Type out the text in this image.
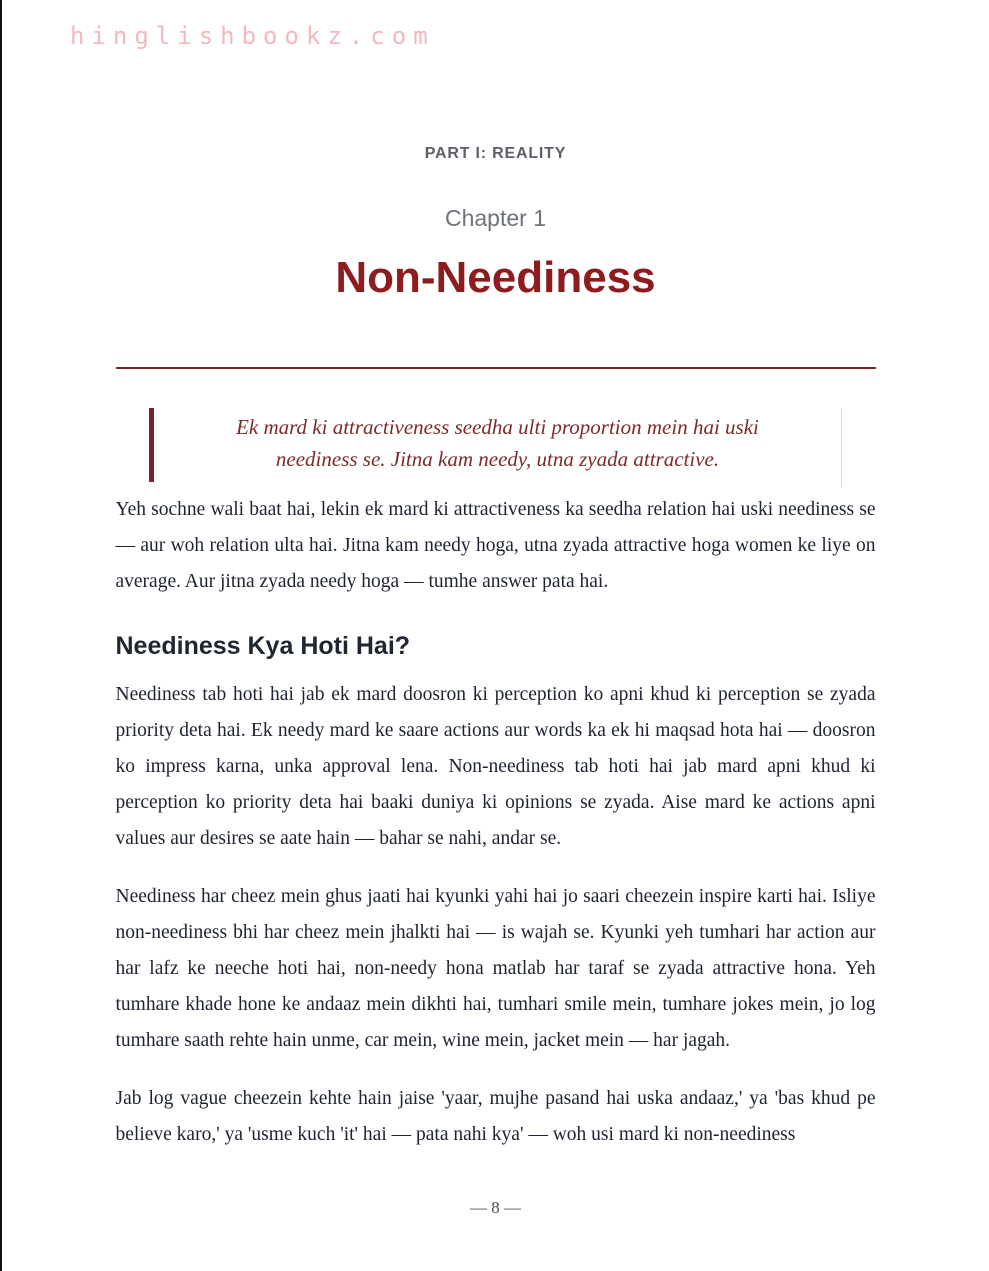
hinglishbookz.com
PART I: REALITY
Chapter 1
Non-Neediness
Ek mard ki attractiveness seedha ulti proportion mein hai uski neediness se. Jitna kam needy, utna zyada attractive.

Yeh sochne wali baat hai, lekin ek mard ki attractiveness ka seedha relation hai uski neediness se — aur woh relation ulta hai. Jitna kam needy hoga, utna zyada attractive hoga women ke liye on average. Aur jitna zyada needy hoga — tumhe answer pata hai.

Neediness Kya Hoti Hai?

Neediness tab hoti hai jab ek mard doosron ki perception ko apni khud ki perception se zyada priority deta hai. Ek needy mard ke saare actions aur words ka ek hi maqsad hota hai — doosron ko impress karna, unka approval lena. Non-neediness tab hoti hai jab mard apni khud ki perception ko priority deta hai baaki duniya ki opinions se zyada. Aise mard ke actions apni values aur desires se aate hain — bahar se nahi, andar se.

Neediness har cheez mein ghus jaati hai kyunki yahi hai jo saari cheezein inspire karti hai. Isliye non-neediness bhi har cheez mein jhalkti hai — is wajah se. Kyunki yeh tumhari har action aur har lafz ke neeche hoti hai, non-needy hona matlab har taraf se zyada attractive hona. Yeh tumhare khade hone ke andaaz mein dikhti hai, tumhari smile mein, tumhare jokes mein, jo log tumhare saath rehte hain unme, car mein, wine mein, jacket mein — har jagah.

Jab log vague cheezein kehte hain jaise 'yaar, mujhe pasand hai uska andaaz,' ya 'bas khud pe believe karo,' ya 'usme kuch 'it' hai — pata nahi kya' — woh usi mard ki non-neediness

— 8 —
